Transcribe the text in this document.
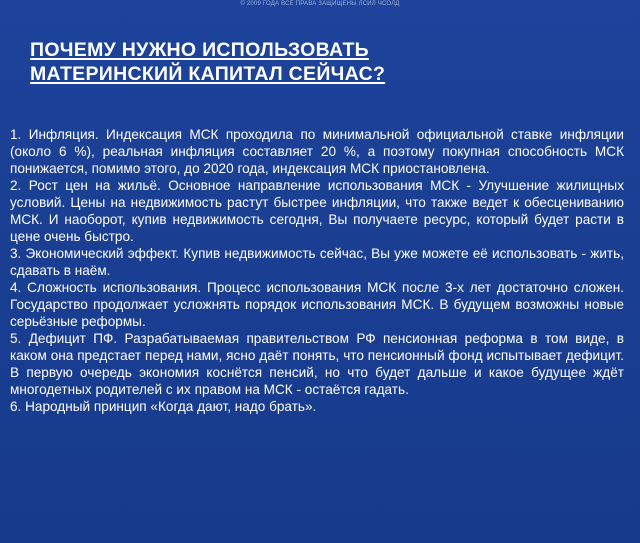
© 2009 ГОДА ВСЕ ПРАВА ЗАЩИЩЕНЫ ЛСИЛ ЧСОЛД
ПОЧЕМУ НУЖНО ИСПОЛЬЗОВАТЬ
МАТЕРИНСКИЙ КАПИТАЛ СЕЙЧАС?

1. Инфляция. Индексация МСК проходила по минимальной официальной ставке инфляции (около 6 %), реальная инфляция составляет 20 %, а поэтому покупная способность МСК понижается, помимо этого, до 2020 года, индексация МСК приостановлена.

2. Рост цен на жильё. Основное направление использования МСК - Улучшение жилищных условий. Цены на недвижимость растут быстрее инфляции, что также ведет к обесцениванию МСК. И наоборот, купив недвижимость сегодня, Вы получаете ресурс, который будет расти в цене очень быстро.

3. Экономический эффект. Купив недвижимость сейчас, Вы уже можете её использовать - жить, сдавать в наём.

4. Сложность использования. Процесс использования МСК после 3-х лет достаточно сложен. Государство продолжает усложнять порядок использования МСК. В будущем возможны новые серьёзные реформы.

5. Дефицит ПФ. Разрабатываемая правительством РФ пенсионная реформа в том виде, в каком она предстает перед нами, ясно даёт понять, что пенсионный фонд испытывает дефицит. В первую очередь экономия коснётся пенсий, но что будет дальше и какое будущее ждёт многодетных родителей с их правом на МСК - остаётся гадать.

6. Народный принцип «Когда дают, надо брать».
